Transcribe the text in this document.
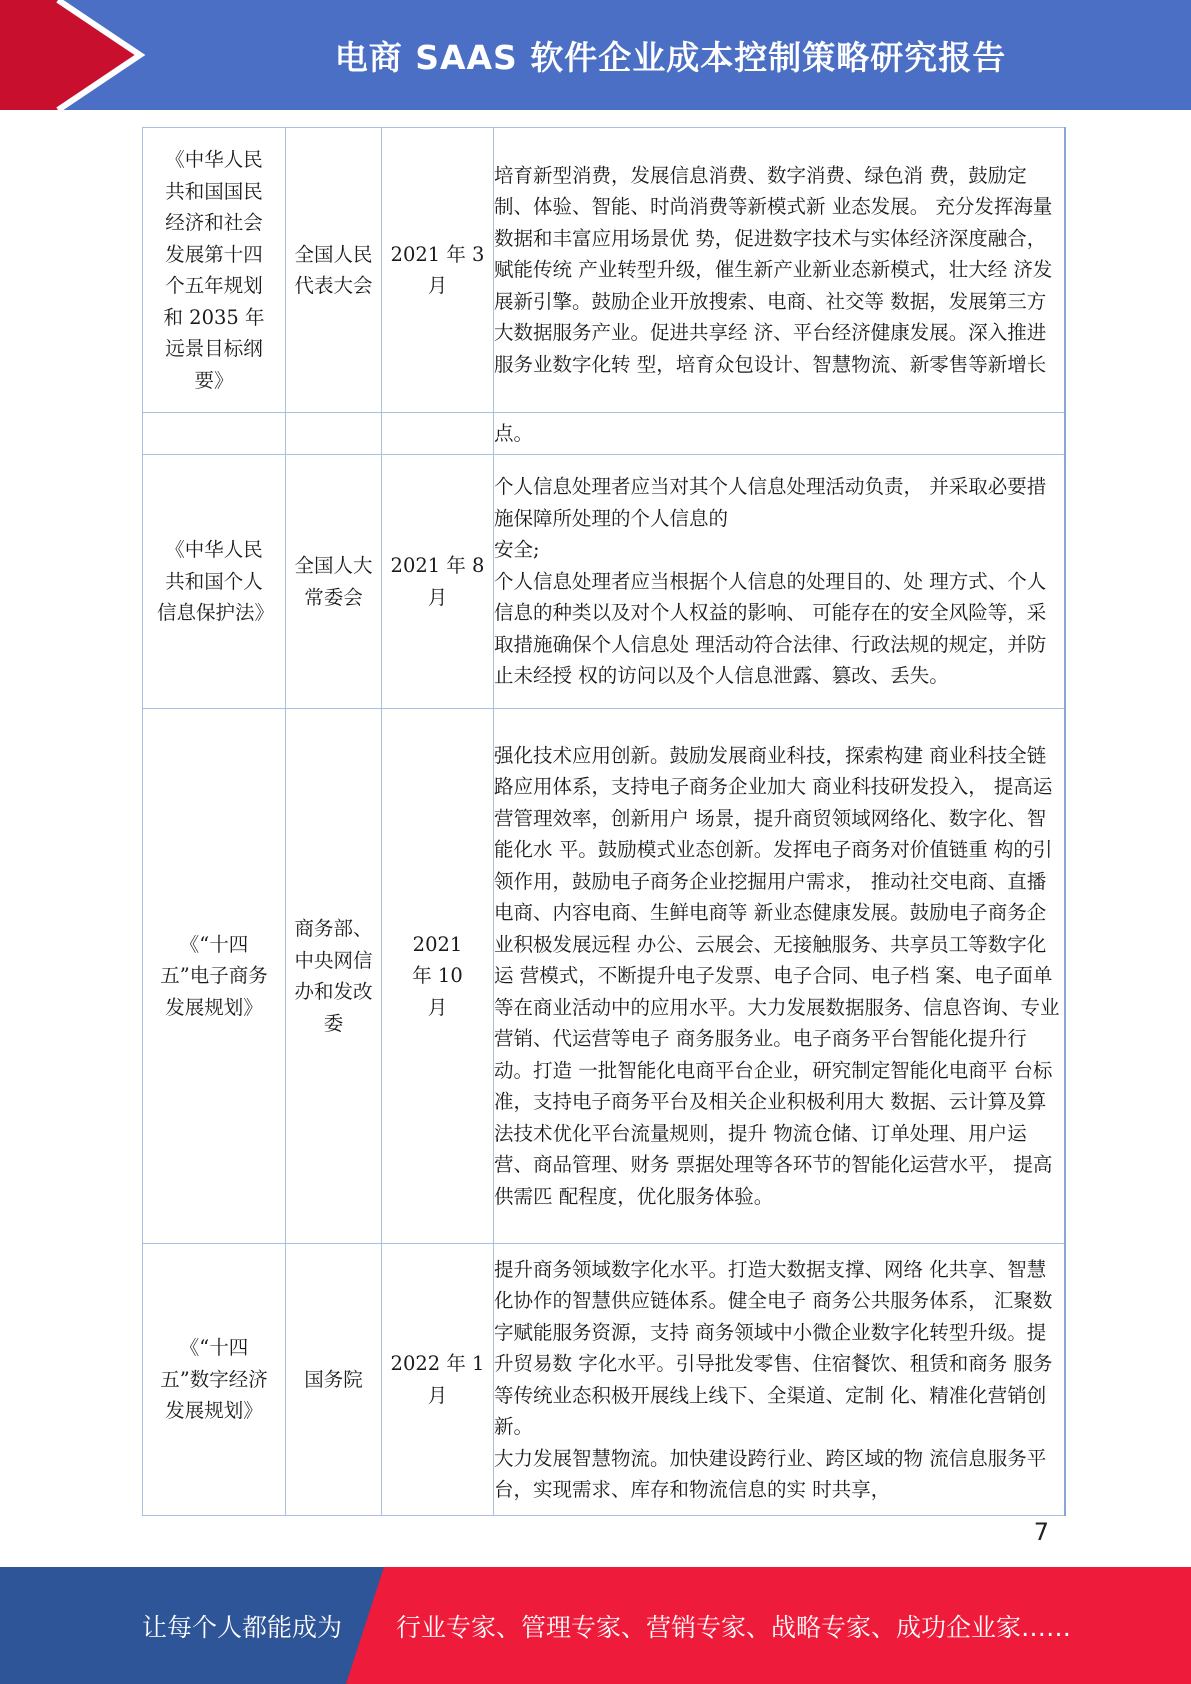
电商 SAAS 软件企业成本控制策略研究报告
《中华人民共和国国民经济和社会发展第十四个五年规划和 2035 年远景目标纲要》	全国人民代表大会	2021 年 3 月	培育新型消费，发展信息消费、数字消费、绿色消 费，鼓励定制、体验、智能、时尚消费等新模式新 业态发展。 充分发挥海量数据和丰富应用场景优 势，促进数字技术与实体经济深度融合，赋能传统 产业转型升级，催生新产业新业态新模式，壮大经 济发展新引擎。鼓励企业开放搜索、电商、社交等 数据，发展第三方大数据服务产业。促进共享经 济、平台经济健康发展。深入推进服务业数字化转 型，培育众包设计、智慧物流、新零售等新增长
			点。
《中华人民共和国个人信息保护法》	全国人大常委会	2021 年 8 月	个人信息处理者应当对其个人信息处理活动负责， 并采取必要措施保障所处理的个人信息的
安全;
个人信息处理者应当根据个人信息的处理目的、处 理方式、个人信息的种类以及对个人权益的影响、 可能存在的安全风险等，采取措施确保个人信息处 理活动符合法律、行政法规的规定，并防止未经授 权的访问以及个人信息泄露、篡改、丢失。
《“十四五”电子商务发展规划》	商务部、中央网信办和发改委	2021 年 10 月	强化技术应用创新。鼓励发展商业科技，探索构建 商业科技全链路应用体系，支持电子商务企业加大 商业科技研发投入， 提高运营管理效率，创新用户 场景，提升商贸领域网络化、数字化、智能化水 平。鼓励模式业态创新。发挥电子商务对价值链重 构的引领作用，鼓励电子商务企业挖掘用户需求， 推动社交电商、直播电商、内容电商、生鲜电商等 新业态健康发展。鼓励电子商务企业积极发展远程 办公、云展会、无接触服务、共享员工等数字化运 营模式，不断提升电子发票、电子合同、电子档 案、电子面单等在商业活动中的应用水平。大力发展数据服务、信息咨询、专业营销、代运营等电子 商务服务业。电子商务平台智能化提升行动。打造 一批智能化电商平台企业，研究制定智能化电商平 台标准，支持电子商务平台及相关企业积极利用大 数据、云计算及算法技术优化平台流量规则，提升 物流仓储、订单处理、用户运营、商品管理、财务 票据处理等各环节的智能化运营水平， 提高供需匹 配程度，优化服务体验。
《“十四五”数字经济发展规划》	国务院	2022 年 1 月	提升商务领域数字化水平。打造大数据支撑、网络 化共享、智慧化协作的智慧供应链体系。健全电子 商务公共服务体系， 汇聚数字赋能服务资源，支持 商务领域中小微企业数字化转型升级。提升贸易数 字化水平。引导批发零售、住宿餐饮、租赁和商务 服务等传统业态积极开展线上线下、全渠道、定制 化、精准化营销创新。
大力发展智慧物流。加快建设跨行业、跨区域的物 流信息服务平台，实现需求、库存和物流信息的实 时共享，
7
让每个人都能成为 行业专家、管理专家、营销专家、战略专家、成功企业家……
